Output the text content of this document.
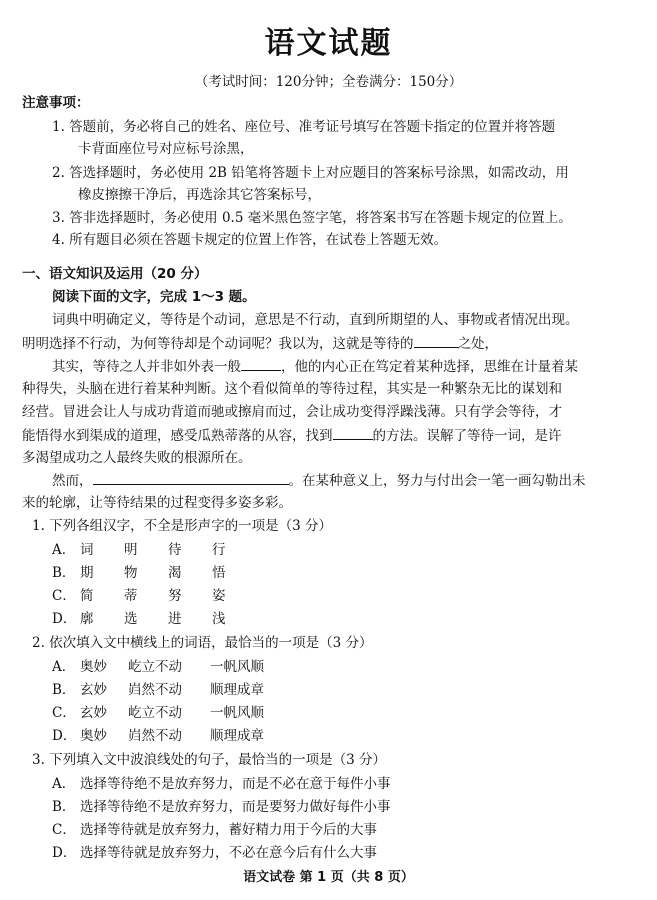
语文试题
（考试时间：120分钟；全卷满分：150分）
注意事项：
1. 答题前，务必将自己的姓名、座位号、准考证号填写在答题卡指定的位置并将答题
卡背面座位号对应标号涂黑，
2. 答选择题时，务必使用 2B 铅笔将答题卡上对应题目的答案标号涂黑，如需改动，用
橡皮擦擦干净后，再选涂其它答案标号，
3. 答非选择题时，务必使用 0.5 毫米黑色签字笔，将答案书写在答题卡规定的位置上。
4. 所有题目必须在答题卡规定的位置上作答，在试卷上答题无效。
一、语文知识及运用（20 分）
阅读下面的文字，完成 1～3 题。
词典中明确定义，等待是个动词，意思是不行动，直到所期望的人、事物或者情况出现。
明明选择不行动，为何等待却是个动词呢？我以为，这就是等待的	之处，
其实，等待之人并非如外表一般	，他的内心正在笃定着某种选择，思维在计量着某
种得失，头脑在进行着某种判断。这个看似简单的等待过程，其实是一种繁杂无比的谋划和
经营。冒进会让人与成功背道而驰或擦肩而过，会让成功变得浮躁浅薄。只有学会等待，才
能悟得水到渠成的道理，感受瓜熟蒂落的从容，找到	的方法。误解了等待一词，是许
多渴望成功之人最终失败的根源所在。
然而，	。在某种意义上，努力与付出会一笔一画勾勒出未
来的轮廓，让等待结果的过程变得多姿多彩。
1. 下列各组汉字，不全是形声字的一项是（3 分）
A． 词 明 待 行
B． 期 物 渴 悟
C． 简 蒂 努 姿
D． 廓 选 进 浅
2. 依次填入文中横线上的词语，最恰当的一项是（3 分）
A． 奥妙 屹立不动 一帆风顺
B． 玄妙 岿然不动 顺理成章
C． 玄妙 屹立不动 一帆风顺
D． 奥妙 岿然不动 顺理成章
3. 下列填入文中波浪线处的句子，最恰当的一项是（3 分）
A． 选择等待绝不是放弃努力，而是不必在意于每件小事
B． 选择等待绝不是放弃努力，而是要努力做好每件小事
C． 选择等待就是放弃努力，蓄好精力用于今后的大事
D． 选择等待就是放弃努力，不必在意今后有什么大事
语文试卷 第 1 页（共 8 页）
